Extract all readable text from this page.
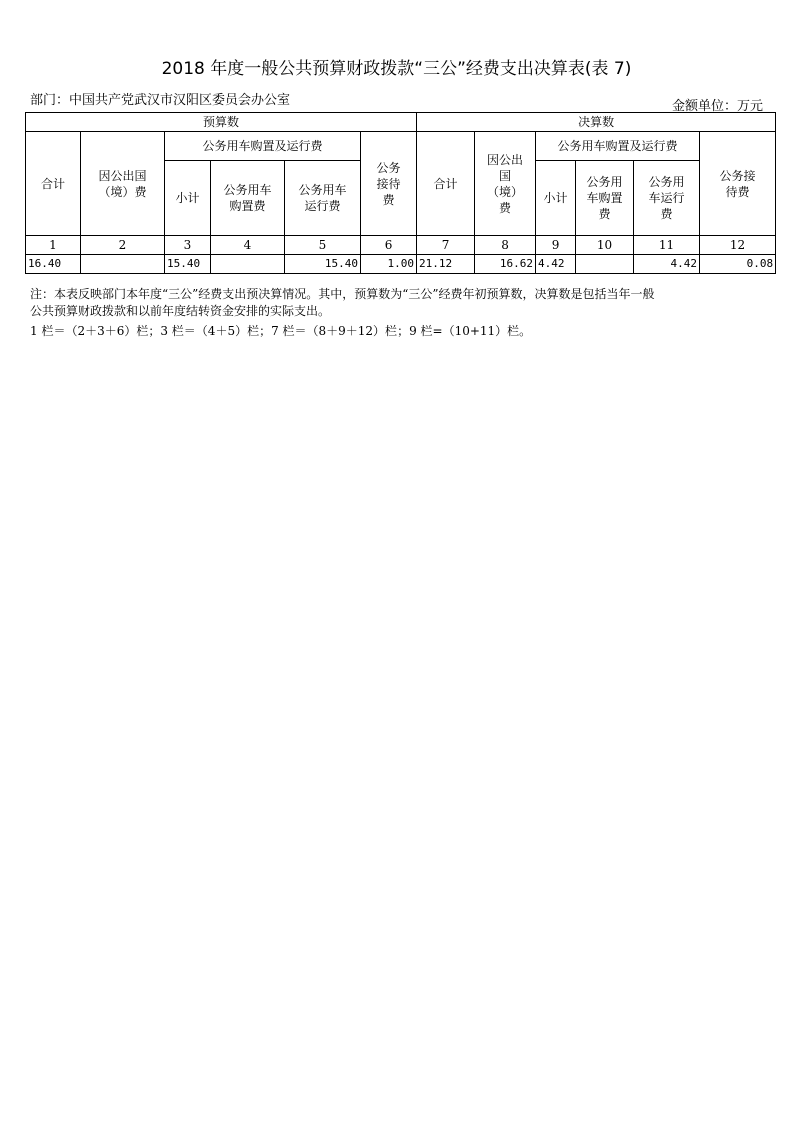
2018 年度一般公共预算财政拨款“三公”经费支出决算表(表 7)
部门：中国共产党武汉市汉阳区委员会办公室	金额单位：万元
预算数						决算数					
合计	因公出国（境）费	公务用车购置及运行费			公务接待费	合计	因公出
国
（境）
费	公务用车购置及运行费			公务接待费
		小计	公务用车购置费	公务用车运行费				小计	公务用车购置费	公务用车运行费	
1	2	3	4	5	6	7	8	9	10	11	12
16.40		15.40		15.40	1.00	21.12	16.62	4.42		4.42	0.08
注：本表反映部门本年度“三公”经费支出预决算情况。其中，预算数为“三公”经费年初预算数，决算数是包括当年一般
公共预算财政拨款和以前年度结转资金安排的实际支出。
1 栏＝（2＋3＋6）栏；3 栏＝（4＋5）栏；7 栏＝（8＋9＋12）栏；9 栏=（10+11）栏。
